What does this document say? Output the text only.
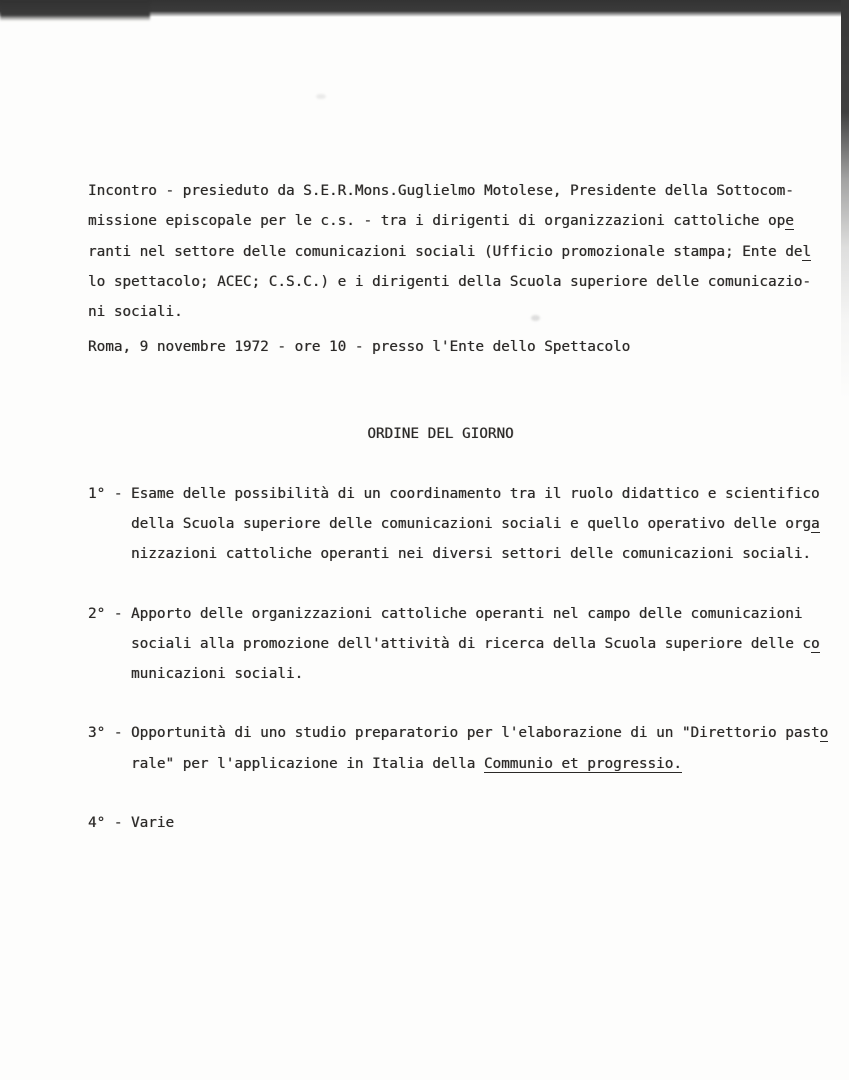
Incontro - presieduto da S.E.R.Mons.Guglielmo Motolese, Presidente della Sottocom-
missione episcopale per le c.s. - tra i dirigenti di organizzazioni cattoliche ope
ranti nel settore delle comunicazioni sociali (Ufficio promozionale stampa; Ente del
lo spettacolo; ACEC; C.S.C.) e i dirigenti della Scuola superiore delle comunicazio-
ni sociali.
Roma, 9 novembre 1972 - ore 10 - presso l'Ente dello Spettacolo
ORDINE DEL GIORNO
1° - Esame delle possibilità di un coordinamento tra il ruolo didattico e scientifico
della Scuola superiore delle comunicazioni sociali e quello operativo delle orga
nizzazioni cattoliche operanti nei diversi settori delle comunicazioni sociali.
2° - Apporto delle organizzazioni cattoliche operanti nel campo delle comunicazioni
sociali alla promozione dell'attività di ricerca della Scuola superiore delle co
municazioni sociali.
3° - Opportunità di uno studio preparatorio per l'elaborazione di un "Direttorio pasto
rale" per l'applicazione in Italia della Communio et progressio.
4° - Varie
